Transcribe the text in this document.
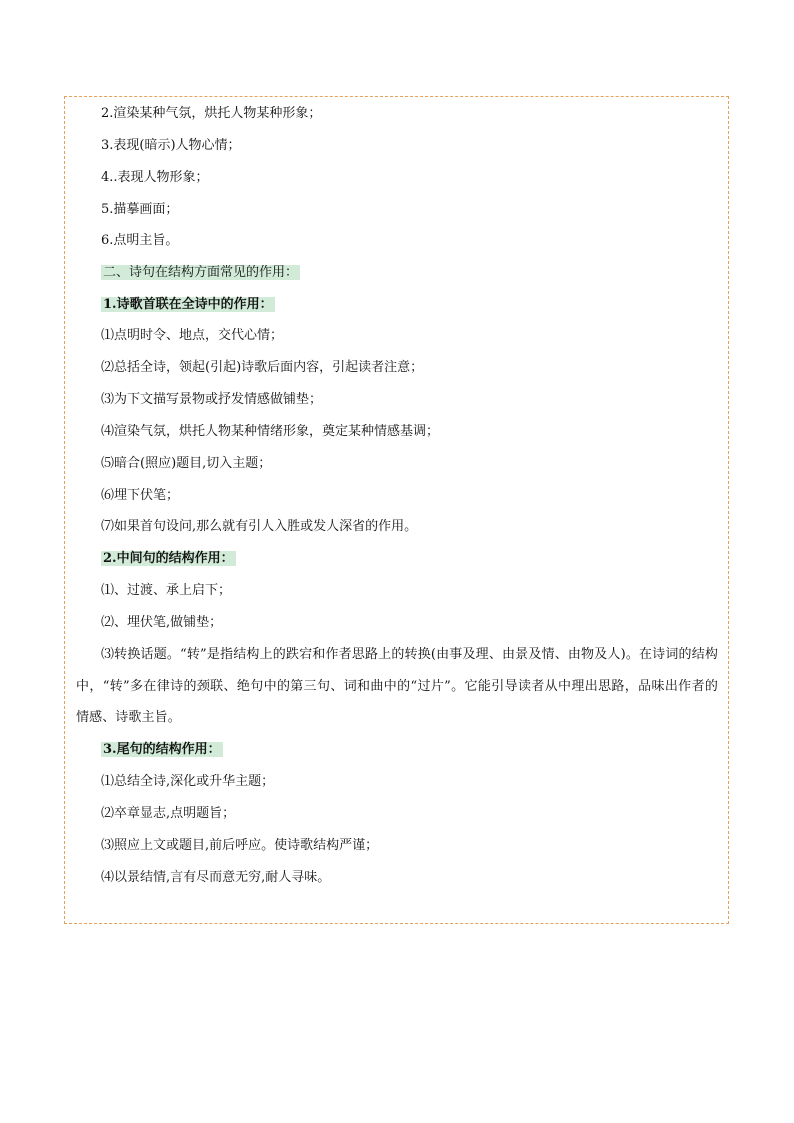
2.渲染某种气氛，烘托人物某种形象；
3.表现(暗示)人物心情；
4..表现人物形象；
5.描摹画面；
6.点明主旨。
二、诗句在结构方面常见的作用：
1.诗歌首联在全诗中的作用：
⑴点明时令、地点，交代心情；
⑵总括全诗，领起(引起)诗歌后面内容，引起读者注意；
⑶为下文描写景物或抒发情感做铺垫；
⑷渲染气氛，烘托人物某种情绪形象，奠定某种情感基调；
⑸暗合(照应)题目,切入主题；
⑹埋下伏笔；
⑺如果首句设问,那么就有引人入胜或发人深省的作用。
2.中间句的结构作用：
⑴、过渡、承上启下；
⑵、埋伏笔,做铺垫；
⑶转换话题。“转”是指结构上的跌宕和作者思路上的转换(由事及理、由景及情、由物及人)。在诗词的结构中，“转”多在律诗的颈联、绝句中的第三句、词和曲中的“过片”。它能引导读者从中理出思路，品味出作者的情感、诗歌主旨。
3.尾句的结构作用：
⑴总结全诗,深化或升华主题；
⑵卒章显志,点明题旨；
⑶照应上文或题目,前后呼应。使诗歌结构严谨；
⑷以景结情,言有尽而意无穷,耐人寻味。
